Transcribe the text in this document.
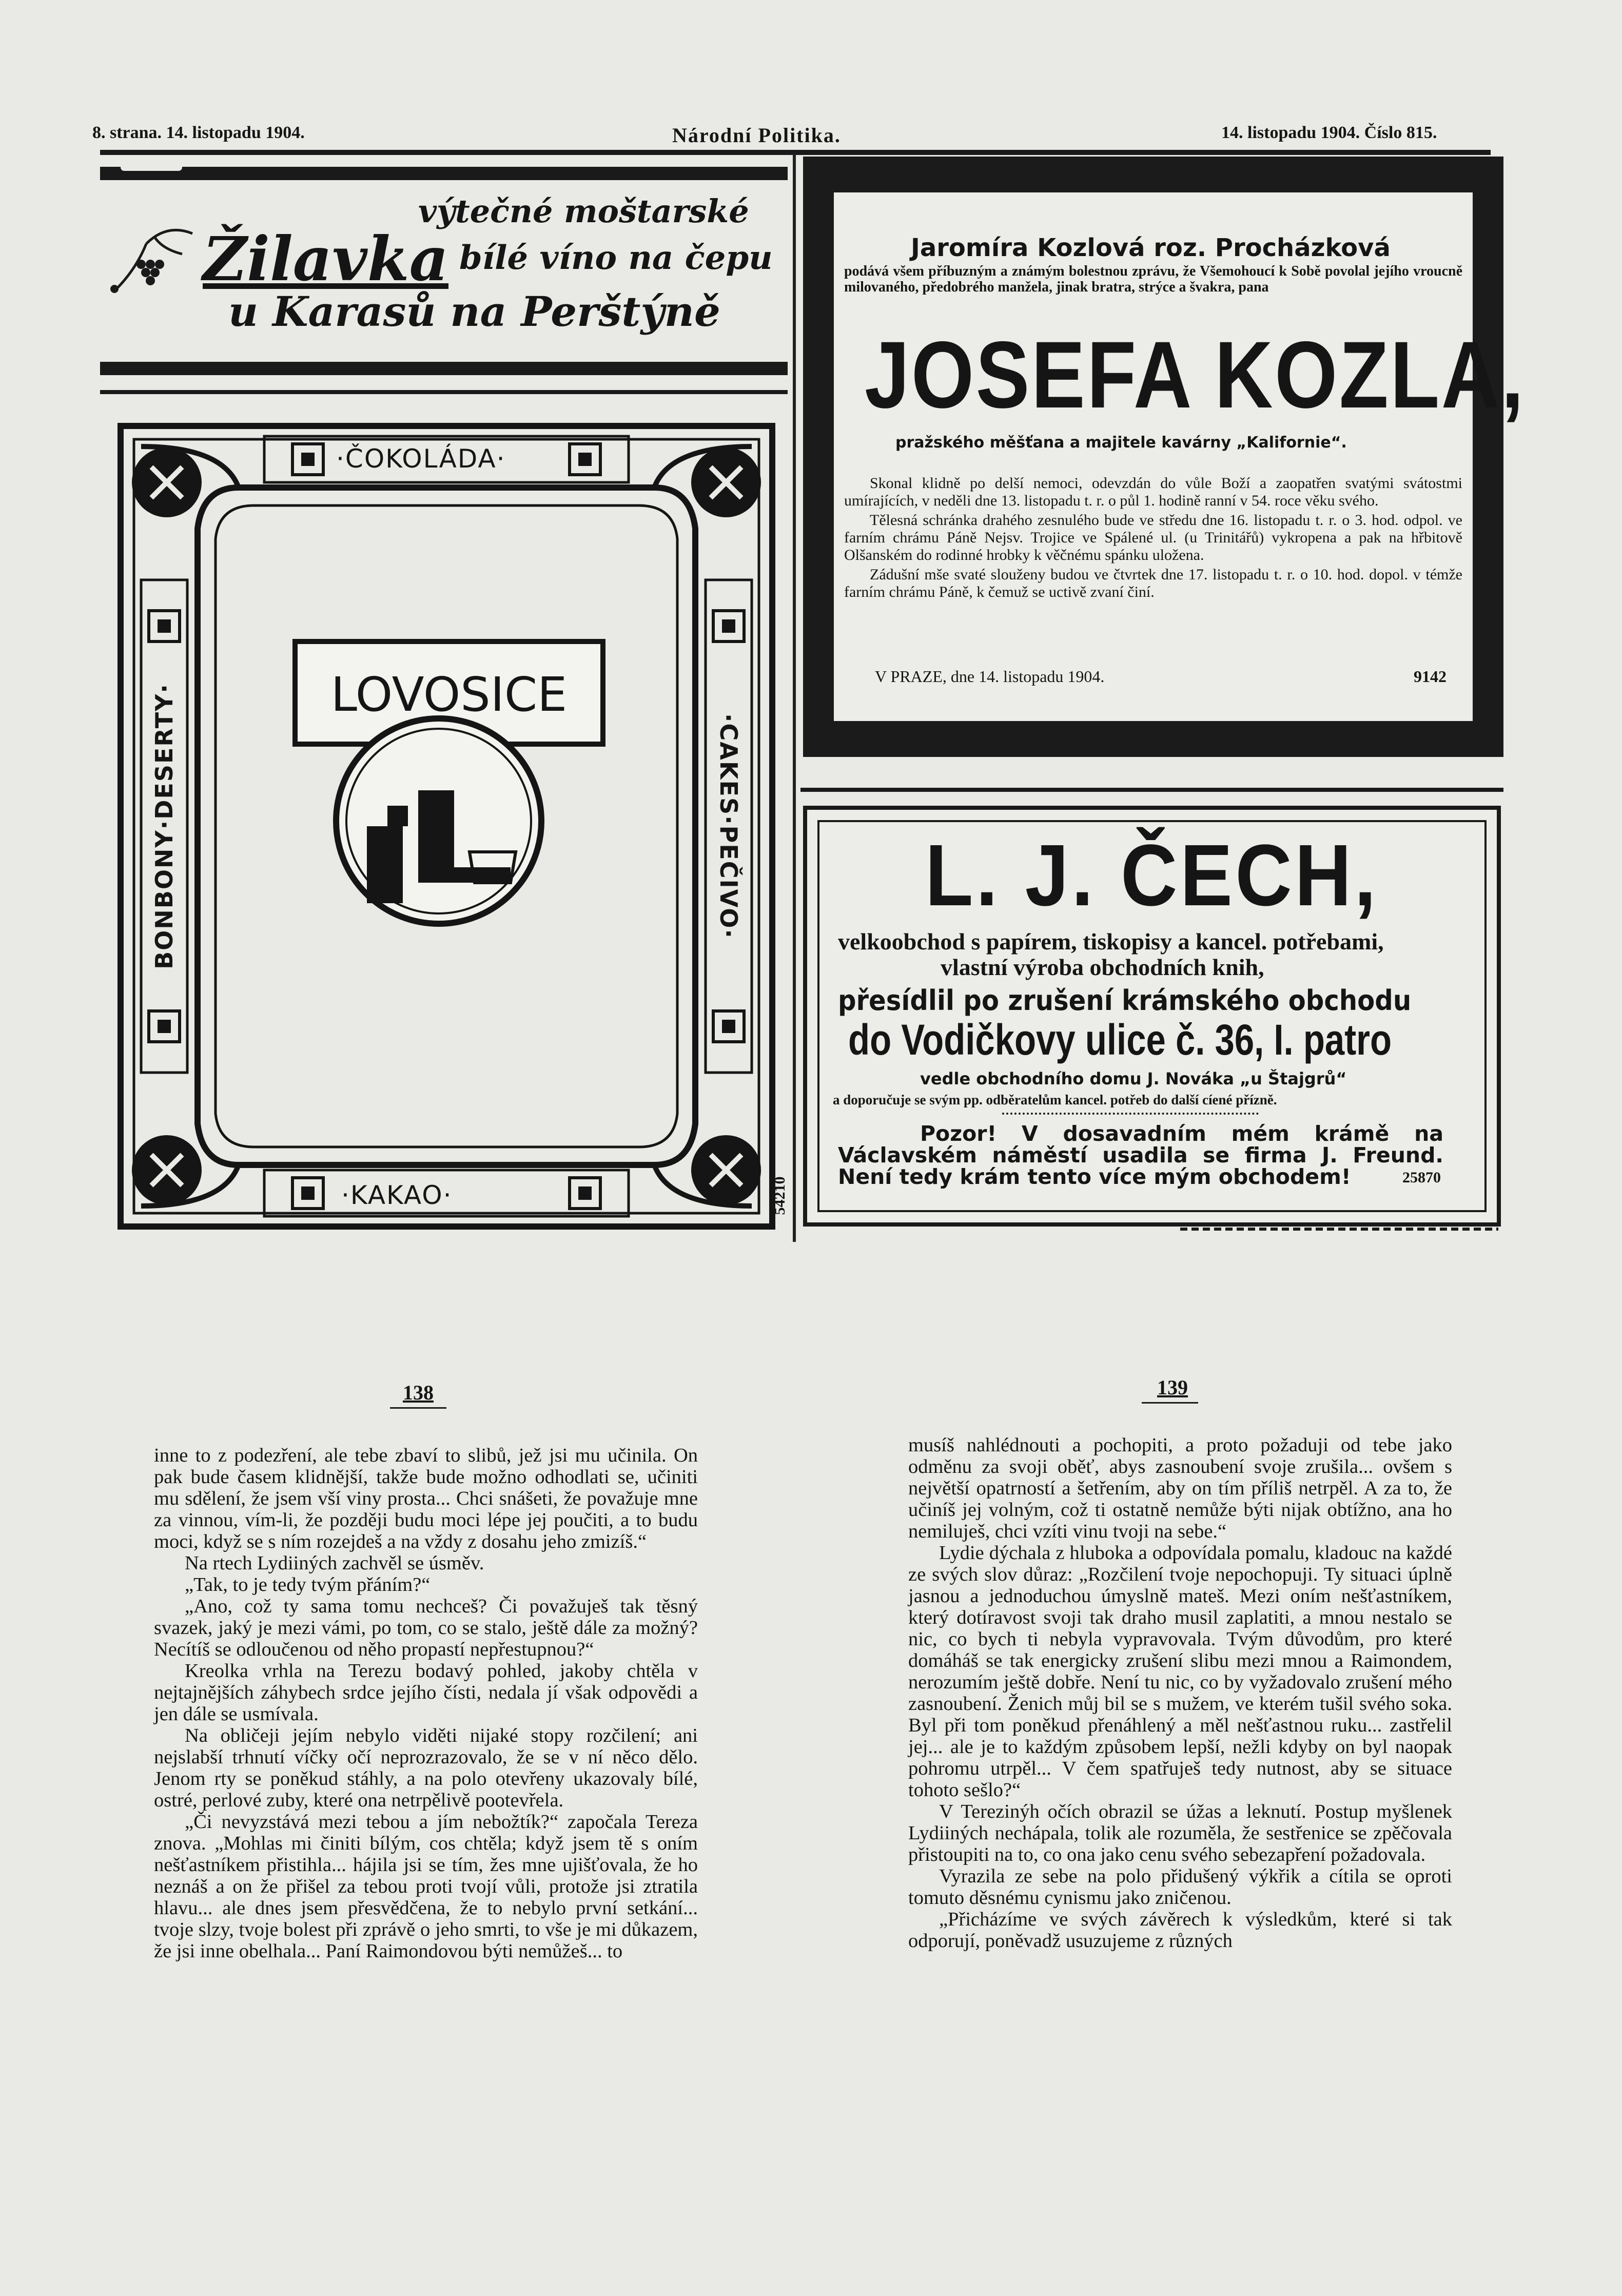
8. strana. 14. listopadu 1904.	Národní Politika.	14. listopadu 1904. Číslo 815.
výtečné moštarské
Žilavka bílé víno na čepu
u Karasů na Perštýně
·ČOKOLÁDA·
·KAKAO·
BONBONY·DESERTY·	·CAKES·PEČIVO·
LOVOSICE
Jaromíra Kozlová roz. Procházková
podává všem příbuzným a známým bolestnou zprávu, že Všemohoucí k Sobě povolal jejího vroucně milovaného, předobrého manžela, jinak bratra, strýce a švakra, pana
JOSEFA KOZLA,
pražského měšťana a majitele kavárny „Kalifornie“.

Skonal klidně po delší nemoci, odevzdán do vůle Boží a zaopatřen svatými svátostmi umírajících, v neděli dne 13. listopadu t. r. o půl 1. hodině ranní v 54. roce věku svého.

Tělesná schránka drahého zesnulého bude ve středu dne 16. listopadu t. r. o 3. hod. odpol. ve farním chrámu Páně Nejsv. Trojice ve Spálené ul. (u Trinitářů) vykropena a pak na hřbitově Olšanském do rodinné hrobky k věčnému spánku uložena.

Zádušní mše svaté slouženy budou ve čtvrtek dne 17. listopadu t. r. o 10. hod. dopol. v témže farním chrámu Páně, k čemuž se uctivě zvaní činí.

V PRAZE, dne 14. listopadu 1904.	9142
L. J. ČECH,
velkoobchod s papírem, tiskopisy a kancel. potřebami,
vlastní výroba obchodních knih,
přesídlil po zrušení krámského obchodu
do Vodičkovy ulice č. 36, I. patro
vedle obchodního domu J. Nováka „u Štajgrů“
a doporučuje se svým pp. odběratelům kancel. potřeb do další cíené přízně.
Pozor! V dosavadním mém krámě na Václavském náměstí usadila se firma J. Freund. Není tedy krám tento více mým obchodem!	25870
54210
138	139

inne to z podezření, ale tebe zbaví to slibů, jež jsi mu učinila. On pak bude časem klidnější, takže bude možno odhodlati se, učiniti mu sdělení, že jsem vší viny prosta... Chci snášeti, že považuje mne za vinnou, vím-li, že později budu moci lépe jej poučiti, a to budu moci, když se s ním rozejdeš a na vždy z dosahu jeho zmizíš.“

Na rtech Lydiiných zachvěl se úsměv.

„Tak, to je tedy tvým přáním?“

„Ano, což ty sama tomu nechceš? Či považuješ tak těsný svazek, jaký je mezi vámi, po tom, co se stalo, ještě dále za možný? Necítíš se odloučenou od něho propastí nepřestupnou?“

Kreolka vrhla na Terezu bodavý pohled, jakoby chtěla v nejtajnějších záhybech srdce jejího čísti, nedala jí však odpovědi a jen dále se usmívala.

Na obličeji jejím nebylo viděti nijaké stopy rozčilení; ani nejslabší trhnutí víčky očí neprozrazovalo, že se v ní něco dělo. Jenom rty se poněkud stáhly, a na polo otevřeny ukazovaly bílé, ostré, perlové zuby, které ona netrpělivě pootevřela.

„Či nevyzstává mezi tebou a jím nebožtík?“ započala Tereza znova. „Mohlas mi činiti bílým, cos chtěla; když jsem tě s oním nešťastníkem přistihla... hájila jsi se tím, žes mne ujišťovala, že ho neznáš a on že přišel za tebou proti tvojí vůli, protože jsi ztratila hlavu... ale dnes jsem přesvědčena, že to nebylo první setkání... tvoje slzy, tvoje bolest při zprávě o jeho smrti, to vše je mi důkazem, že jsi inne obelhala... Paní Raimondovou býti nemůžeš... to

musíš nahlédnouti a pochopiti, a proto požaduji od tebe jako odměnu za svoji oběť, abys zasnoubení svoje zrušila... ovšem s největší opatrností a šetřením, aby on tím příliš netrpěl. A za to, že učiníš jej volným, což ti ostatně nemůže býti nijak obtížno, ana ho nemiluješ, chci vzíti vinu tvoji na sebe.“

Lydie dýchala z hluboka a odpovídala pomalu, kladouc na každé ze svých slov důraz: „Rozčilení tvoje nepochopuji. Ty situaci úplně jasnou a jednoduchou úmyslně mateš. Mezi oním nešťastníkem, který dotíravost svoji tak draho musil zaplatiti, a mnou nestalo se nic, co bych ti nebyla vypravovala. Tvým důvodům, pro které domáháš se tak energicky zrušení slibu mezi mnou a Raimondem, nerozumím ještě dobře. Není tu nic, co by vyžadovalo zrušení mého zasnoubení. Ženich můj bil se s mužem, ve kterém tušil svého soka. Byl při tom poněkud přenáhlený a měl nešťastnou ruku... zastřelil jej... ale je to každým způsobem lepší, nežli kdyby on byl naopak pohromu utrpěl... V čem spatřuješ tedy nutnost, aby se situace tohoto sešlo?“

V Terezinýh očích obrazil se úžas a leknutí. Postup myšlenek Lydiiných nechápala, tolik ale rozuměla, že sestřenice se zpěčovala přistoupiti na to, co ona jako cenu svého sebezapření požadovala.

Vyrazila ze sebe na polo přidušený výkřik a cítila se oproti tomuto děsnému cynismu jako zničenou.

„Přicházíme ve svých závěrech k výsledkům, které si tak odporují, poněvadž usuzujeme z různých
